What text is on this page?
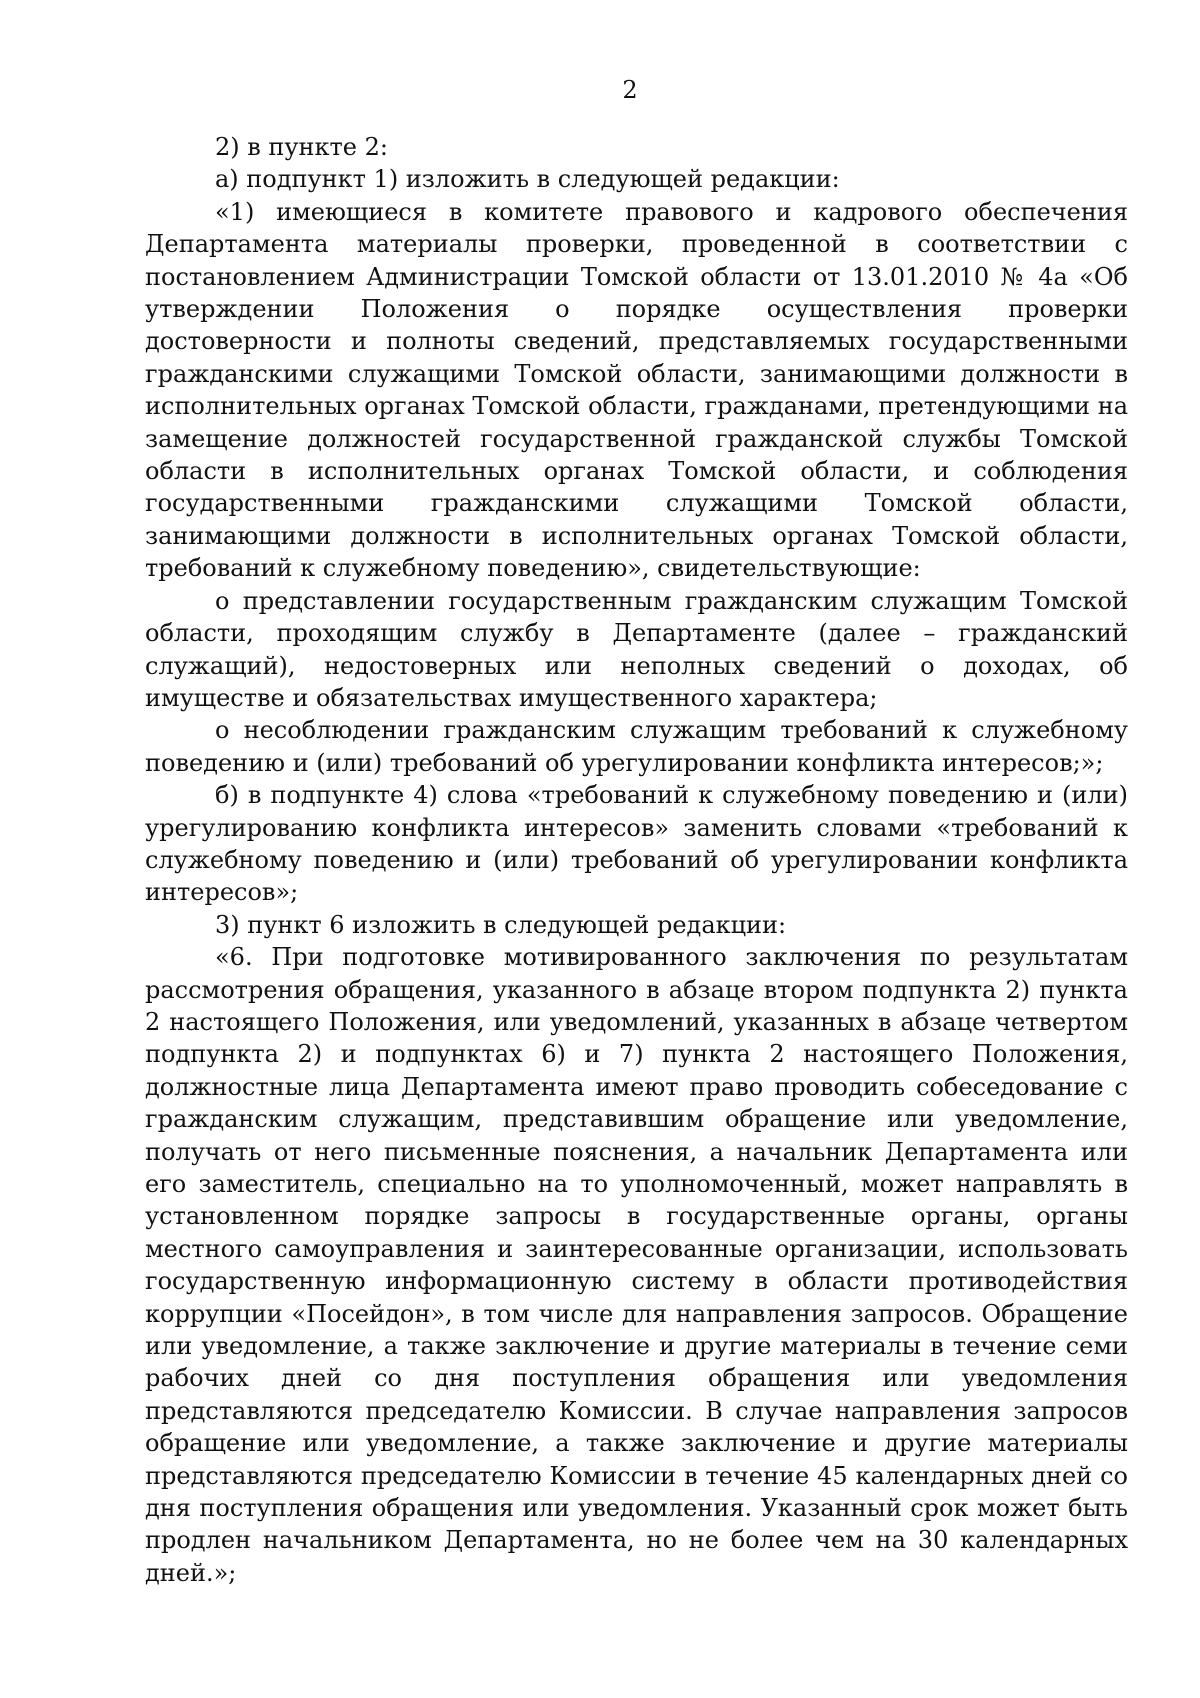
2

2) в пункте 2:

а) подпункт 1) изложить в следующей редакции:

«1) имеющиеся в комитете правового и кадрового обеспечения Департамента материалы проверки, проведенной в соответствии с постановлением Администрации Томской области от 13.01.2010 № 4а «Об утверждении Положения о порядке осуществления проверки достоверности и полноты сведений, представляемых государственными гражданскими служащими Томской области, занимающими должности в исполнительных органах Томской области, гражданами, претендующими на замещение должностей государственной гражданской службы Томской области в исполнительных органах Томской области, и соблюдения государственными гражданскими служащими Томской области, занимающими должности в исполнительных органах Томской области, требований к служебному поведению», свидетельствующие:

о представлении государственным гражданским служащим Томской области, проходящим службу в Департаменте (далее – гражданский служащий), недостоверных или неполных сведений о доходах, об имуществе и обязательствах имущественного характера;

о несоблюдении гражданским служащим требований к служебному поведению и (или) требований об урегулировании конфликта интересов;»;

б) в подпункте 4) слова «требований к служебному поведению и (или) урегулированию конфликта интересов» заменить словами «требований к служебному поведению и (или) требований об урегулировании конфликта интересов»;

3) пункт 6 изложить в следующей редакции:

«6. При подготовке мотивированного заключения по результатам рассмотрения обращения, указанного в абзаце втором подпункта 2) пункта 2 настоящего Положения, или уведомлений, указанных в абзаце четвертом подпункта 2) и подпунктах 6) и 7) пункта 2 настоящего Положения, должностные лица Департамента имеют право проводить собеседование с гражданским служащим, представившим обращение или уведомление, получать от него письменные пояснения, а начальник Департамента или его заместитель, специально на то уполномоченный, может направлять в установленном порядке запросы в государственные органы, органы местного самоуправления и заинтересованные организации, использовать государственную информационную систему в области противодействия коррупции «Посейдон», в том числе для направления запросов. Обращение или уведомление, а также заключение и другие материалы в течение семи рабочих дней со дня поступления обращения или уведомления представляются председателю Комиссии. В случае направления запросов обращение или уведомление, а также заключение и другие материалы представляются председателю Комиссии в течение 45 календарных дней со дня поступления обращения или уведомления. Указанный срок может быть продлен начальником Департамента, но не более чем на 30 календарных дней.»;
